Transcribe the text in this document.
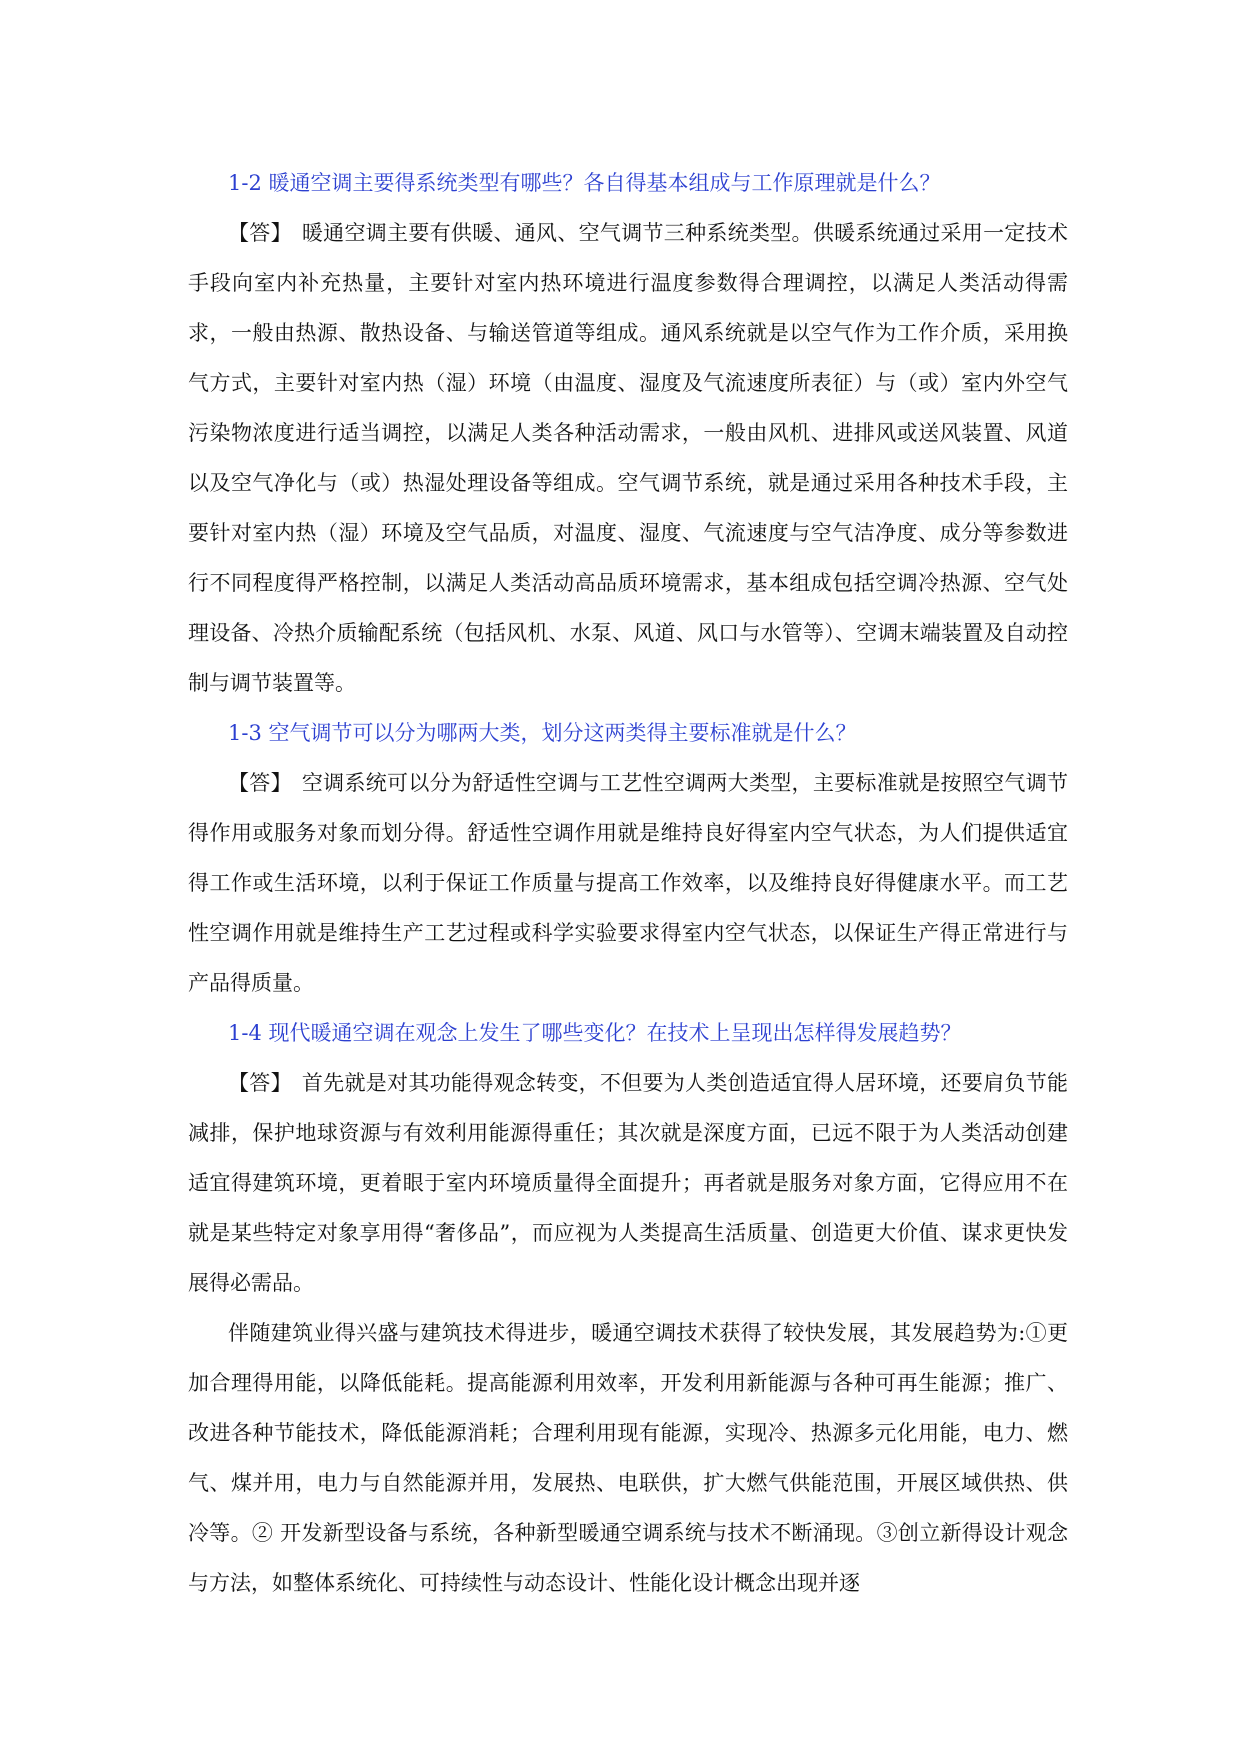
1-2 暖通空调主要得系统类型有哪些？各自得基本组成与工作原理就是什么？

【答】 暖通空调主要有供暖、通风、空气调节三种系统类型。供暖系统通过采用一定技术手段向室内补充热量，主要针对室内热环境进行温度参数得合理调控，以满足人类活动得需求，一般由热源、散热设备、与输送管道等组成。通风系统就是以空气作为工作介质，采用换气方式，主要针对室内热（湿）环境（由温度、湿度及气流速度所表征）与（或）室内外空气污染物浓度进行适当调控，以满足人类各种活动需求，一般由风机、进排风或送风装置、风道以及空气净化与（或）热湿处理设备等组成。空气调节系统，就是通过采用各种技术手段，主要针对室内热（湿）环境及空气品质，对温度、湿度、气流速度与空气洁净度、成分等参数进行不同程度得严格控制，以满足人类活动高品质环境需求，基本组成包括空调冷热源、空气处理设备、冷热介质输配系统（包括风机、水泵、风道、风口与水管等）、空调末端装置及自动控制与调节装置等。

1-3 空气调节可以分为哪两大类，划分这两类得主要标准就是什么？

【答】 空调系统可以分为舒适性空调与工艺性空调两大类型，主要标准就是按照空气调节得作用或服务对象而划分得。舒适性空调作用就是维持良好得室内空气状态，为人们提供适宜得工作或生活环境，以利于保证工作质量与提高工作效率，以及维持良好得健康水平。而工艺性空调作用就是维持生产工艺过程或科学实验要求得室内空气状态，以保证生产得正常进行与产品得质量。

1-4 现代暖通空调在观念上发生了哪些变化？在技术上呈现出怎样得发展趋势？

【答】 首先就是对其功能得观念转变，不但要为人类创造适宜得人居环境，还要肩负节能减排，保护地球资源与有效利用能源得重任；其次就是深度方面，已远不限于为人类活动创建适宜得建筑环境，更着眼于室内环境质量得全面提升；再者就是服务对象方面，它得应用不在就是某些特定对象享用得“奢侈品”，而应视为人类提高生活质量、创造更大价值、谋求更快发展得必需品。

伴随建筑业得兴盛与建筑技术得进步，暖通空调技术获得了较快发展，其发展趋势为:①更加合理得用能，以降低能耗。提高能源利用效率，开发利用新能源与各种可再生能源；推广、改进各种节能技术，降低能源消耗；合理利用现有能源，实现冷、热源多元化用能，电力、燃气、煤并用，电力与自然能源并用，发展热、电联供，扩大燃气供能范围，开展区域供热、供冷等。② 开发新型设备与系统，各种新型暖通空调系统与技术不断涌现。③创立新得设计观念与方法，如整体系统化、可持续性与动态设计、性能化设计概念出现并逐
